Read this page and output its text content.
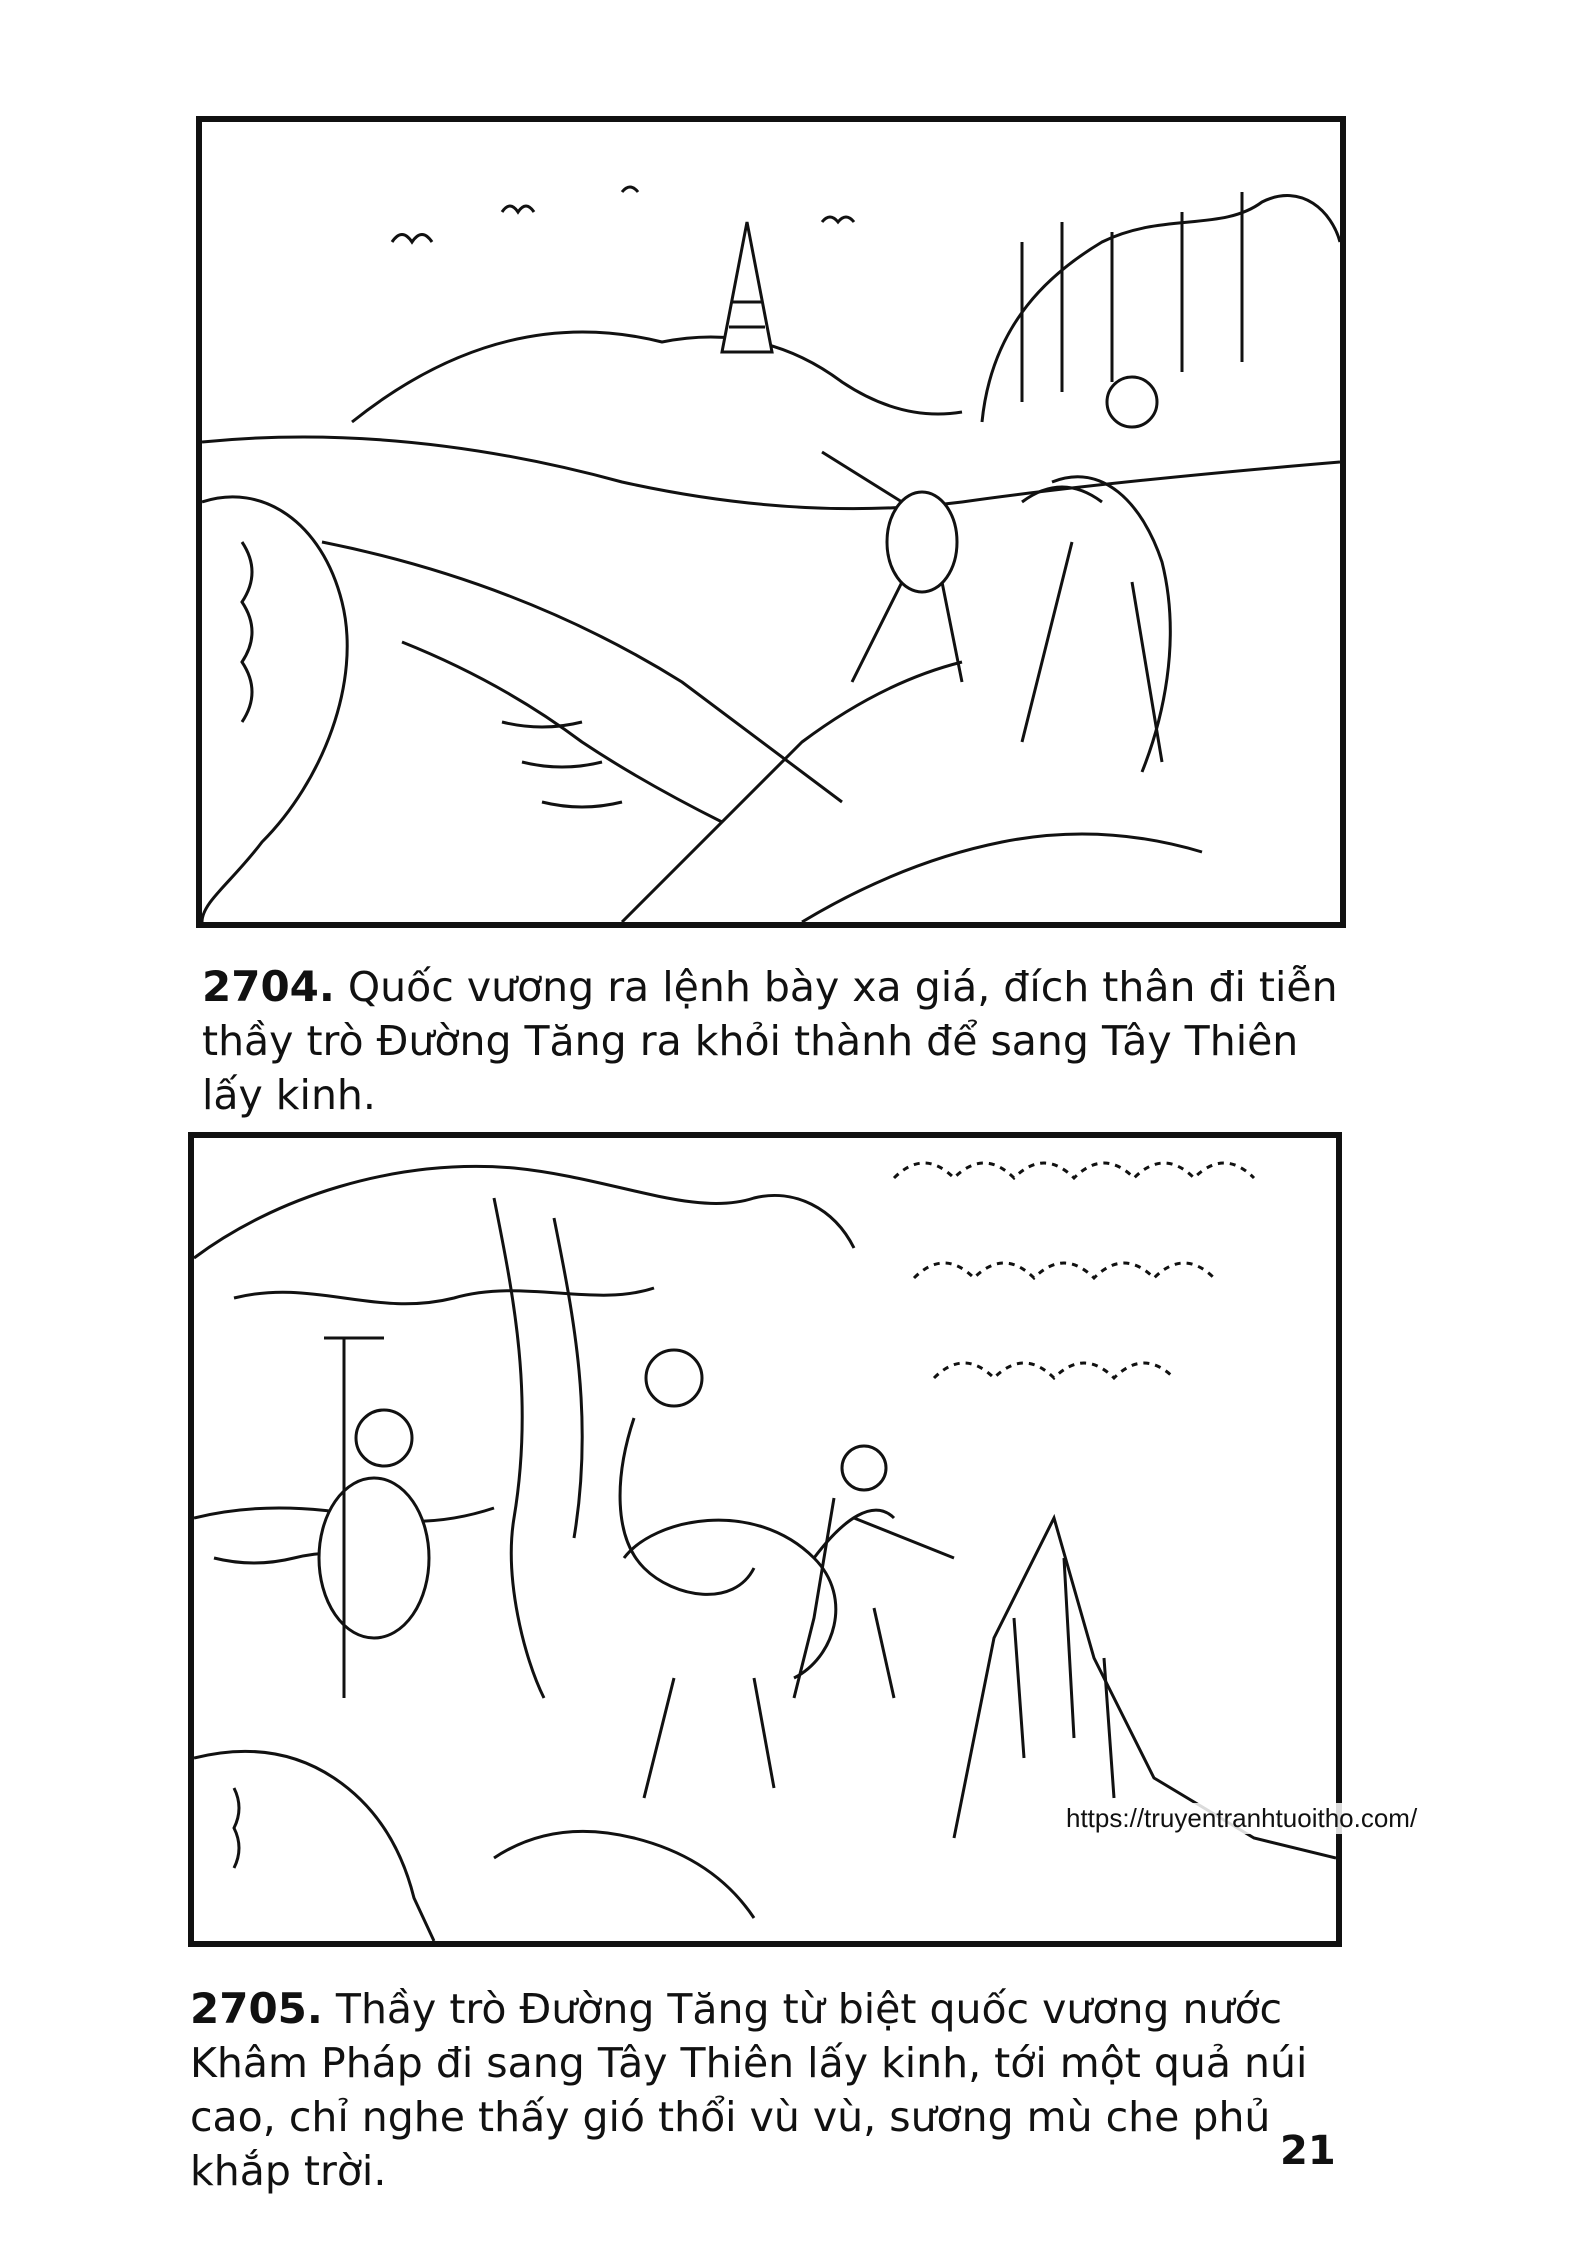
2704. Quốc vương ra lệnh bày xa giá, đích thân đi tiễn thầy trò Đường Tăng ra khỏi thành để sang Tây Thiên lấy kinh.
https://truyentranhtuoitho.com/
2705. Thầy trò Đường Tăng từ biệt quốc vương nước Khâm Pháp đi sang Tây Thiên lấy kinh, tới một quả núi cao, chỉ nghe thấy gió thổi vù vù, sương mù che phủ khắp trời.	21
